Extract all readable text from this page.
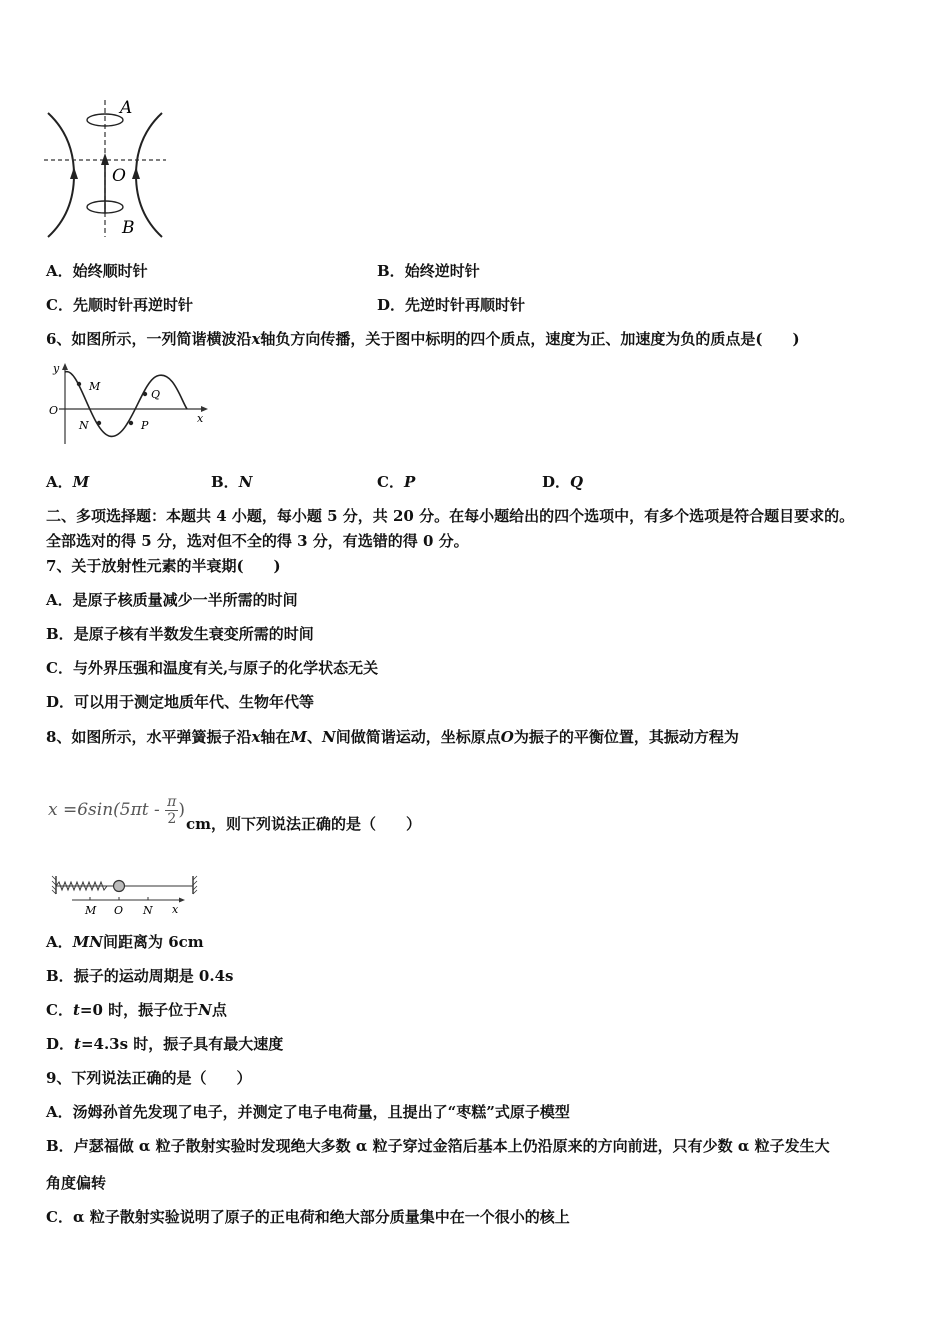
A
O
B
A．始终顺时针	B．始终逆时针
C．先顺时针再逆时针	D．先逆时针再顺时针
6、如图所示，一列简谐横波沿x轴负方向传播，关于图中标明的四个质点，速度为正、加速度为负的质点是(　　)
y
O
x
M
N	P
Q
A．M	B．N	C．P	D．Q
二、多项选择题：本题共 4 小题，每小题 5 分，共 20 分。在每小题给出的四个选项中，有多个选项是符合题目要求的。
全部选对的得 5 分，选对但不全的得 3 分，有选错的得 0 分。
7、关于放射性元素的半衰期(　　)
A．是原子核质量减少一半所需的时间
B．是原子核有半数发生衰变所需的时间
C．与外界压强和温度有关,与原子的化学状态无关
D．可以用于测定地质年代、生物年代等
8、如图所示，水平弹簧振子沿x轴在M、N间做简谐运动，坐标原点O为振子的平衡位置，其振动方程为
$x =6\sin(5\pi t - \frac{\pi}{2}$ )
cm，则下列说法正确的是（　　）
M O N x
A．MN间距离为 6cm
B．振子的运动周期是 0.4s
C．t=0 时，振子位于N点
D．t=4.3s 时，振子具有最大速度
9、下列说法正确的是（　　）
A．汤姆孙首先发现了电子，并测定了电子电荷量，且提出了“枣糕”式原子模型
B．卢瑟福做 α 粒子散射实验时发现绝大多数 α 粒子穿过金箔后基本上仍沿原来的方向前进，只有少数 α 粒子发生大
角度偏转
C．α 粒子散射实验说明了原子的正电荷和绝大部分质量集中在一个很小的核上
